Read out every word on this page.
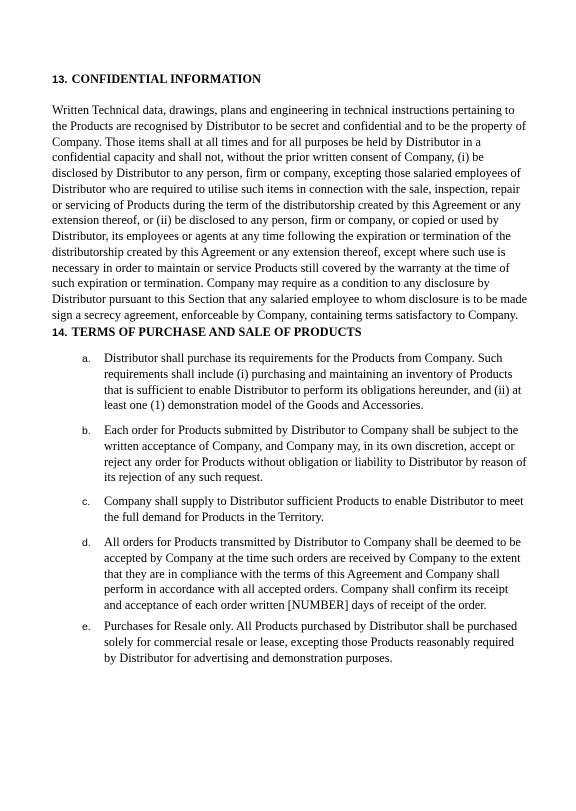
13. CONFIDENTIAL INFORMATION

Written Technical data, drawings, plans and engineering in technical instructions pertaining to the Products are recognised by Distributor to be secret and confidential and to be the property of Company. Those items shall at all times and for all purposes be held by Distributor in a confidential capacity and shall not, without the prior written consent of Company, (i) be disclosed by Distributor to any person, firm or company, excepting those salaried employees of Distributor who are required to utilise such items in connection with the sale, inspection, repair or servicing of Products during the term of the distributorship created by this Agreement or any extension thereof, or (ii) be disclosed to any person, firm or company, or copied or used by Distributor, its employees or agents at any time following the expiration or termination of the distributorship created by this Agreement or any extension thereof, except where such use is necessary in order to maintain or service Products still covered by the warranty at the time of such expiration or termination. Company may require as a condition to any disclosure by Distributor pursuant to this Section that any salaried employee to whom disclosure is to be made sign a secrecy agreement, enforceable by Company, containing terms satisfactory to Company.

14. TERMS OF PURCHASE AND SALE OF PRODUCTS
a.	Distributor shall purchase its requirements for the Products from Company. Such requirements shall include (i) purchasing and maintaining an inventory of Products that is sufficient to enable Distributor to perform its obligations hereunder, and (ii) at least one (1) demonstration model of the Goods and Accessories.

b.	Each order for Products submitted by Distributor to Company shall be subject to the written acceptance of Company, and Company may, in its own discretion, accept or reject any order for Products without obligation or liability to Distributor by reason of its rejection of any such request.

c.	Company shall supply to Distributor sufficient Products to enable Distributor to meet the full demand for Products in the Territory.

d.	All orders for Products transmitted by Distributor to Company shall be deemed to be accepted by Company at the time such orders are received by Company to the extent that they are in compliance with the terms of this Agreement and Company shall perform in accordance with all accepted orders. Company shall confirm its receipt and acceptance of each order written [NUMBER] days of receipt of the order.

e.	Purchases for Resale only. All Products purchased by Distributor shall be purchased solely for commercial resale or lease, excepting those Products reasonably required by Distributor for advertising and demonstration purposes.
